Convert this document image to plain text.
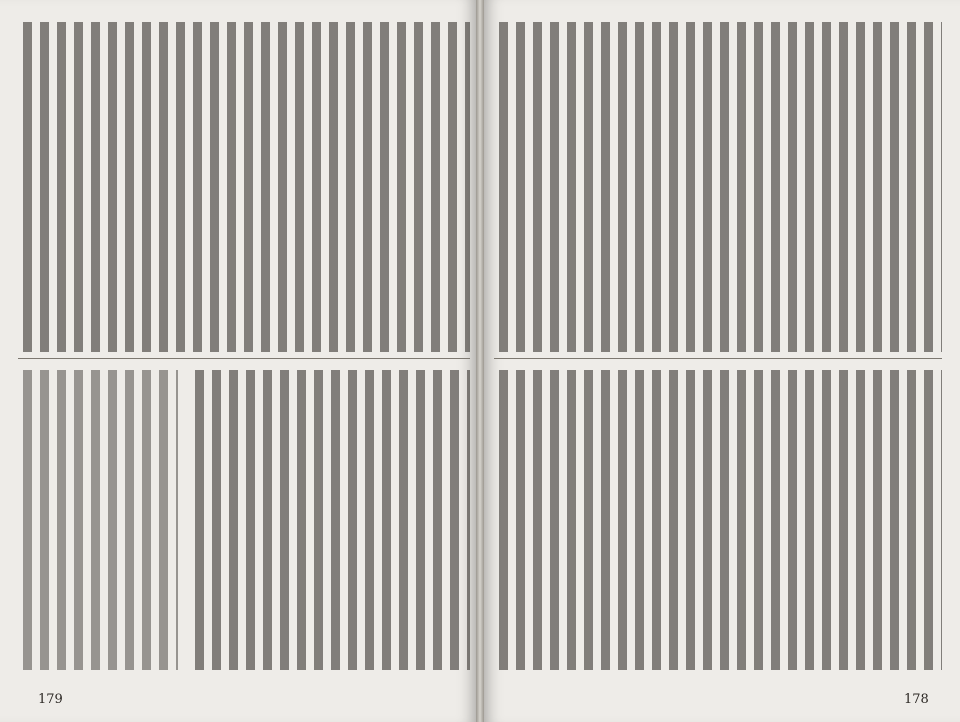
179	178
